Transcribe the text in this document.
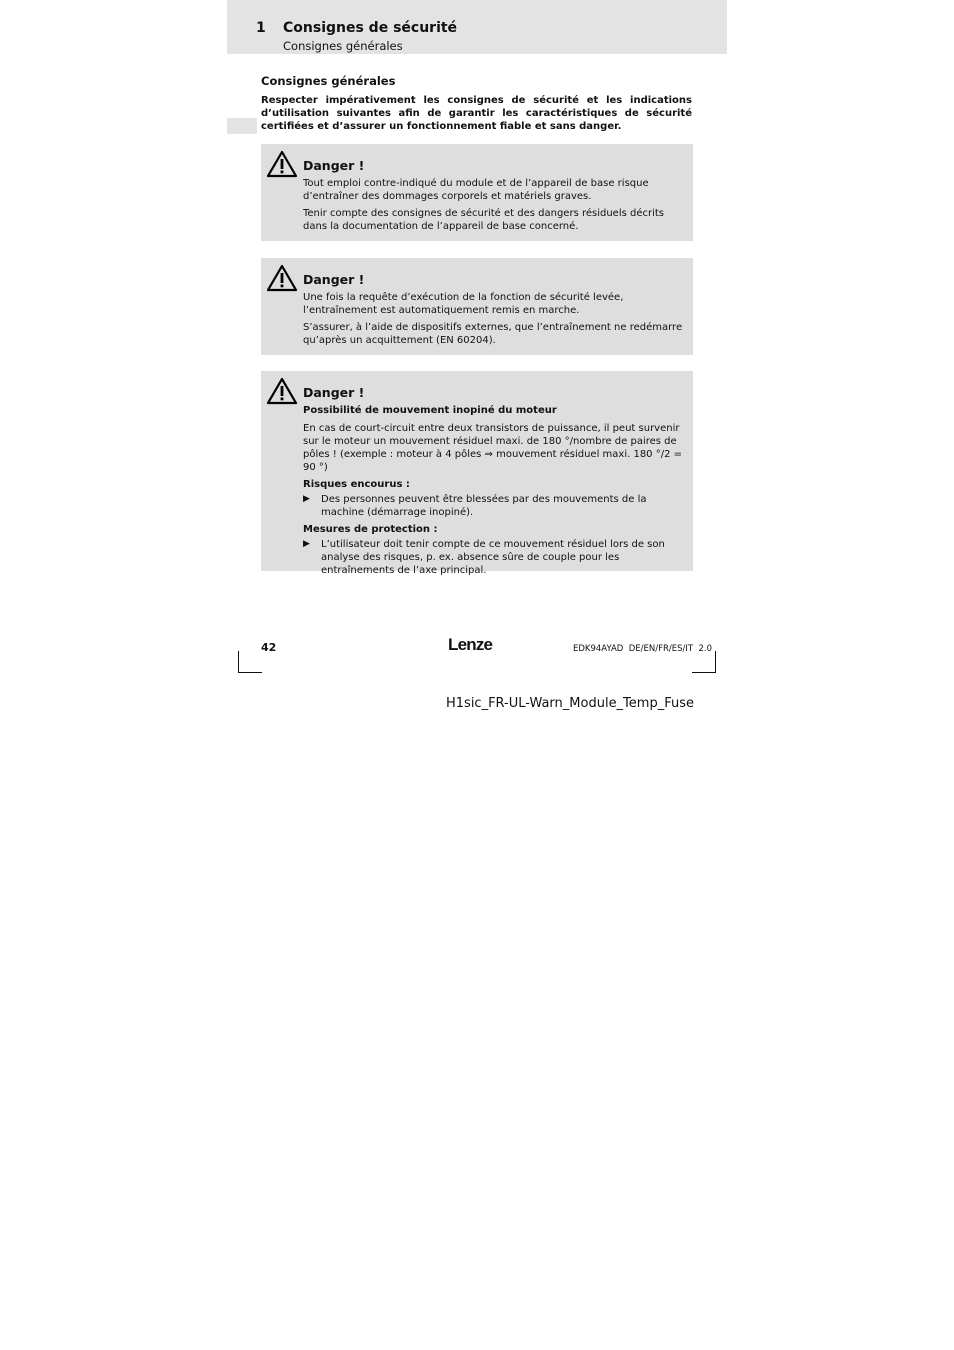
1 Consignes de sécurité
Consignes générales
Consignes générales

Respecter impérativement les consignes de sécurité et les indications d’utilisation suivantes afin de garantir les caractéristiques de sécurité certifiées et d’assurer un fonctionnement fiable et sans danger.

Danger !

Tout emploi contre-indiqué du module et de l’appareil de base risque d’entraîner des dommages corporels et matériels graves.

Tenir compte des consignes de sécurité et des dangers résiduels décrits dans la documentation de l’appareil de base concerné.

Danger !

Une fois la requête d’exécution de la fonction de sécurité levée, l’entraînement est automatiquement remis en marche.

S’assurer, à l’aide de dispositifs externes, que l’entraînement ne redémarre qu’après un acquittement (EN 60204).

Danger !

Possibilité de mouvement inopiné du moteur

En cas de court-circuit entre deux transistors de puissance, il peut survenir sur le moteur un mouvement résiduel maxi. de 180 °/nombre de paires de pôles ! (exemple : moteur à 4 pôles ⇒ mouvement résiduel maxi. 180 °/2 = 90 °)

Risques encourus :

▶ Des personnes peuvent être blessées par des mouvements de la machine (démarrage inopiné).

Mesures de protection :

▶ L’utilisateur doit tenir compte de ce mouvement résiduel lors de son analyse des risques, p. ex. absence sûre de couple pour les entraînements de l’axe principal.
42	Lenze	EDK94AYAD  DE/EN/FR/ES/IT  2.0
H1sic_FR-UL-Warn_Module_Temp_Fuse
